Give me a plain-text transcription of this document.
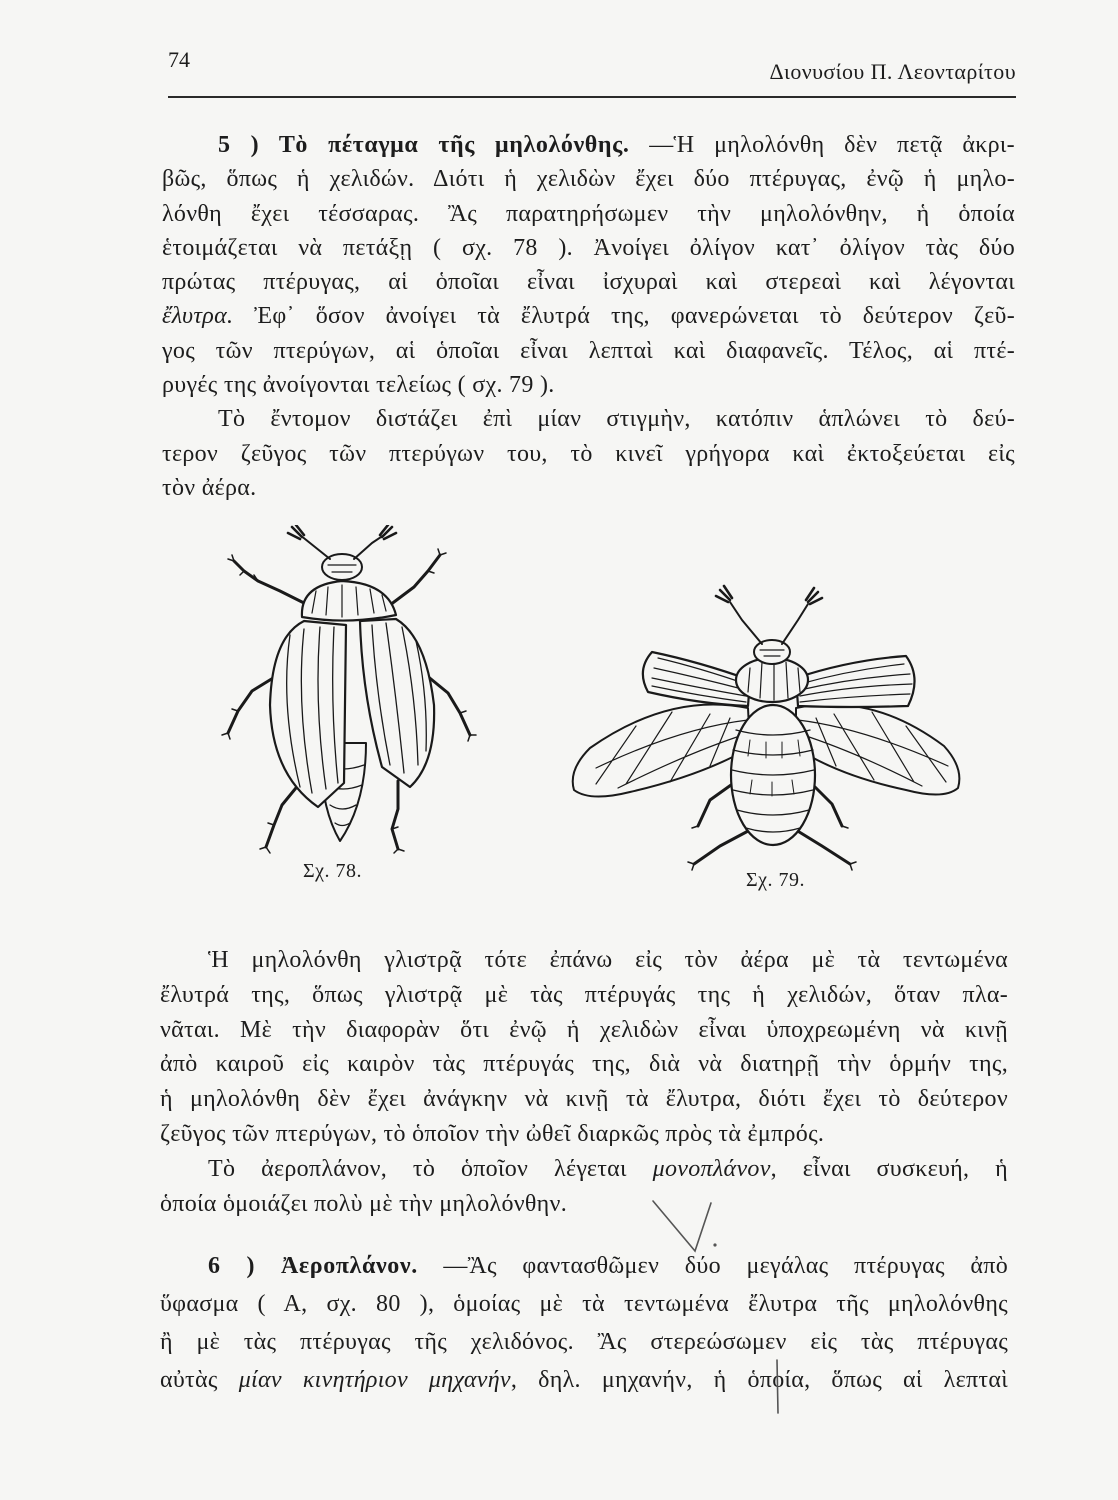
74	Διονυσίου Π. Λεονταρίτου
5 ) Τὸ πέταγμα τῆς μηλολόνθης. —Ἡ μηλολόνθη δὲν πετᾷ ἀκρι-
βῶς, ὅπως ἡ χελιδών. Διότι ἡ χελιδὼν ἔχει δύο πτέρυγας, ἐνῷ ἡ μηλο-
λόνθη ἔχει τέσσαρας. Ἂς παρατηρήσωμεν τὴν μηλολόνθην, ἡ ὁποία
ἑτοιμάζεται νὰ πετάξῃ ( σχ. 78 ). Ἀνοίγει ὀλίγον κατ᾽ ὀλίγον τὰς δύο
πρώτας πτέρυγας, αἱ ὁποῖαι εἶναι ἰσχυραὶ καὶ στερεαὶ καὶ λέγονται
ἔλυτρα. Ἐφ᾽ ὅσον ἀνοίγει τὰ ἔλυτρά της, φανερώνεται τὸ δεύτερον ζεῦ-
γος τῶν πτερύγων, αἱ ὁποῖαι εἶναι λεπταὶ καὶ διαφανεῖς. Τέλος, αἱ πτέ-
ρυγές της ἀνοίγονται τελείως ( σχ. 79 ).
Τὸ ἔντομον διστάζει ἐπὶ μίαν στιγμὴν, κατόπιν ἁπλώνει τὸ δεύ-
τερον ζεῦγος τῶν πτερύγων του, τὸ κινεῖ γρήγορα καὶ ἐκτοξεύεται εἰς
τὸν ἀέρα.
Σχ. 78.	Σχ. 79.
Ἡ μηλολόνθη γλιστρᾷ τότε ἐπάνω εἰς τὸν ἀέρα μὲ τὰ τεντωμένα
ἔλυτρά της, ὅπως γλιστρᾷ μὲ τὰς πτέρυγάς της ἡ χελιδών, ὅταν πλα-
νᾶται. Μὲ τὴν διαφορὰν ὅτι ἐνῷ ἡ χελιδὼν εἶναι ὑποχρεωμένη νὰ κινῇ
ἀπὸ καιροῦ εἰς καιρὸν τὰς πτέρυγάς της, διὰ νὰ διατηρῇ τὴν ὁρμήν της,
ἡ μηλολόνθη δὲν ἔχει ἀνάγκην νὰ κινῇ τὰ ἔλυτρα, διότι ἔχει τὸ δεύτερον
ζεῦγος τῶν πτερύγων, τὸ ὁποῖον τὴν ὠθεῖ διαρκῶς πρὸς τὰ ἐμπρός.
Τὸ ἀεροπλάνον, τὸ ὁποῖον λέγεται μονοπλάνον, εἶναι συσκευή, ἡ
ὁποία ὁμοιάζει πολὺ μὲ τὴν μηλολόνθην.
6 ) Ἀεροπλάνον. —Ἂς φαντασθῶμεν δύο μεγάλας πτέρυγας ἀπὸ
ὕφασμα ( Α, σχ. 80 ), ὁμοίας μὲ τὰ τεντωμένα ἔλυτρα τῆς μηλολόνθης
ἢ μὲ τὰς πτέρυγας τῆς χελιδόνος. Ἂς στερεώσωμεν εἰς τὰς πτέρυγας
αὐτὰς μίαν κινητήριον μηχανήν, δηλ. μηχανήν, ἡ ὁποία, ὅπως αἱ λεπταὶ
